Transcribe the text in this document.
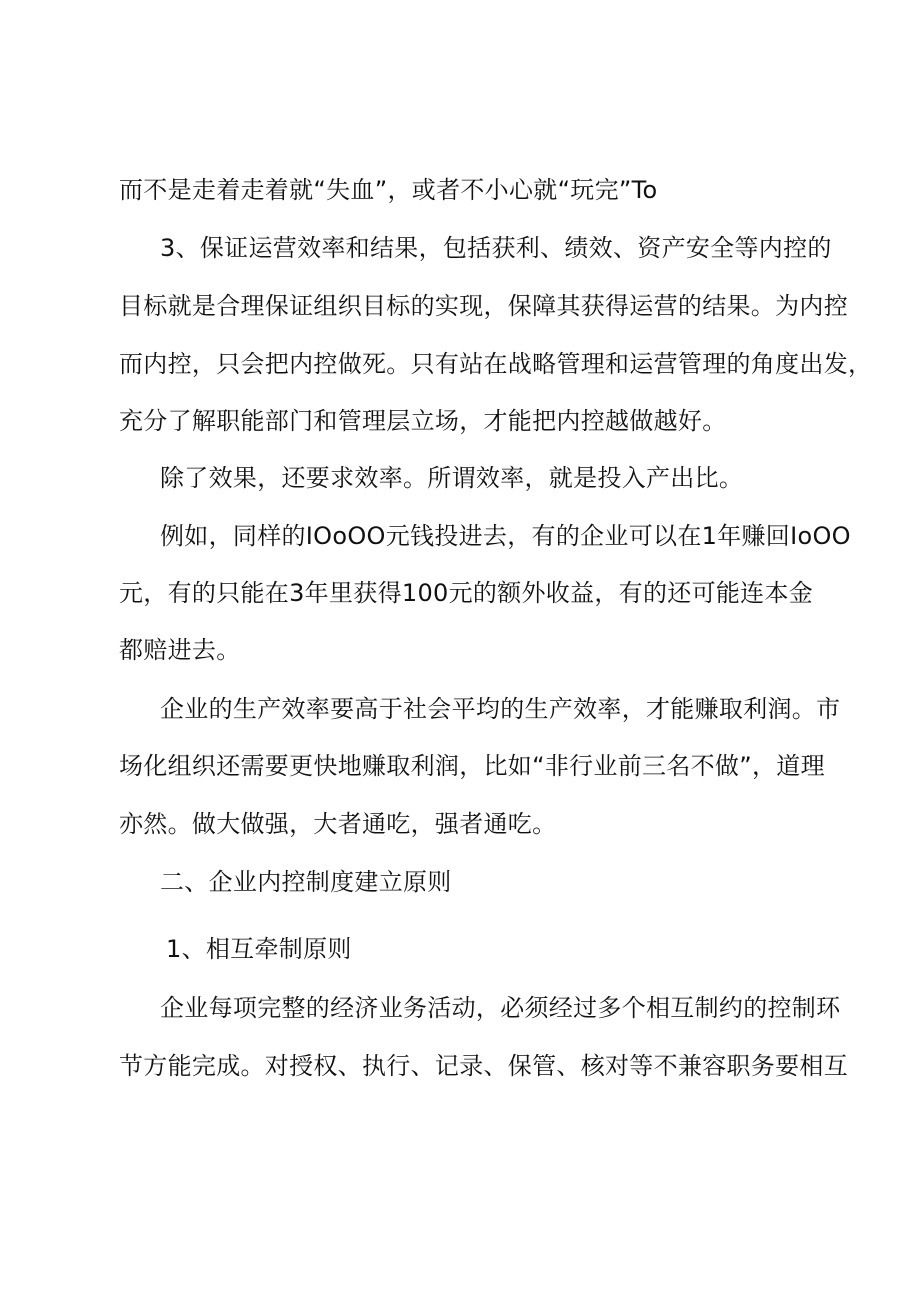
而不是走着走着就“失血”，或者不小心就“玩完”To
3、保证运营效率和结果，包括获利、绩效、资产安全等内控的
目标就是合理保证组织目标的实现，保障其获得运营的结果。为内控
而内控，只会把内控做死。只有站在战略管理和运营管理的角度出发，
充分了解职能部门和管理层立场，才能把内控越做越好。
除了效果，还要求效率。所谓效率，就是投入产出比。
例如，同样的IOoOO元钱投进去，有的企业可以在1年赚回IoOO
元，有的只能在3年里获得100元的额外收益，有的还可能连本金
都赔进去。
企业的生产效率要高于社会平均的生产效率，才能赚取利润。市
场化组织还需要更快地赚取利润，比如“非行业前三名不做”，道理
亦然。做大做强，大者通吃，强者通吃。
二、企业内控制度建立原则
1、相互牵制原则
企业每项完整的经济业务活动，必须经过多个相互制约的控制环
节方能完成。对授权、执行、记录、保管、核对等不兼容职务要相互
